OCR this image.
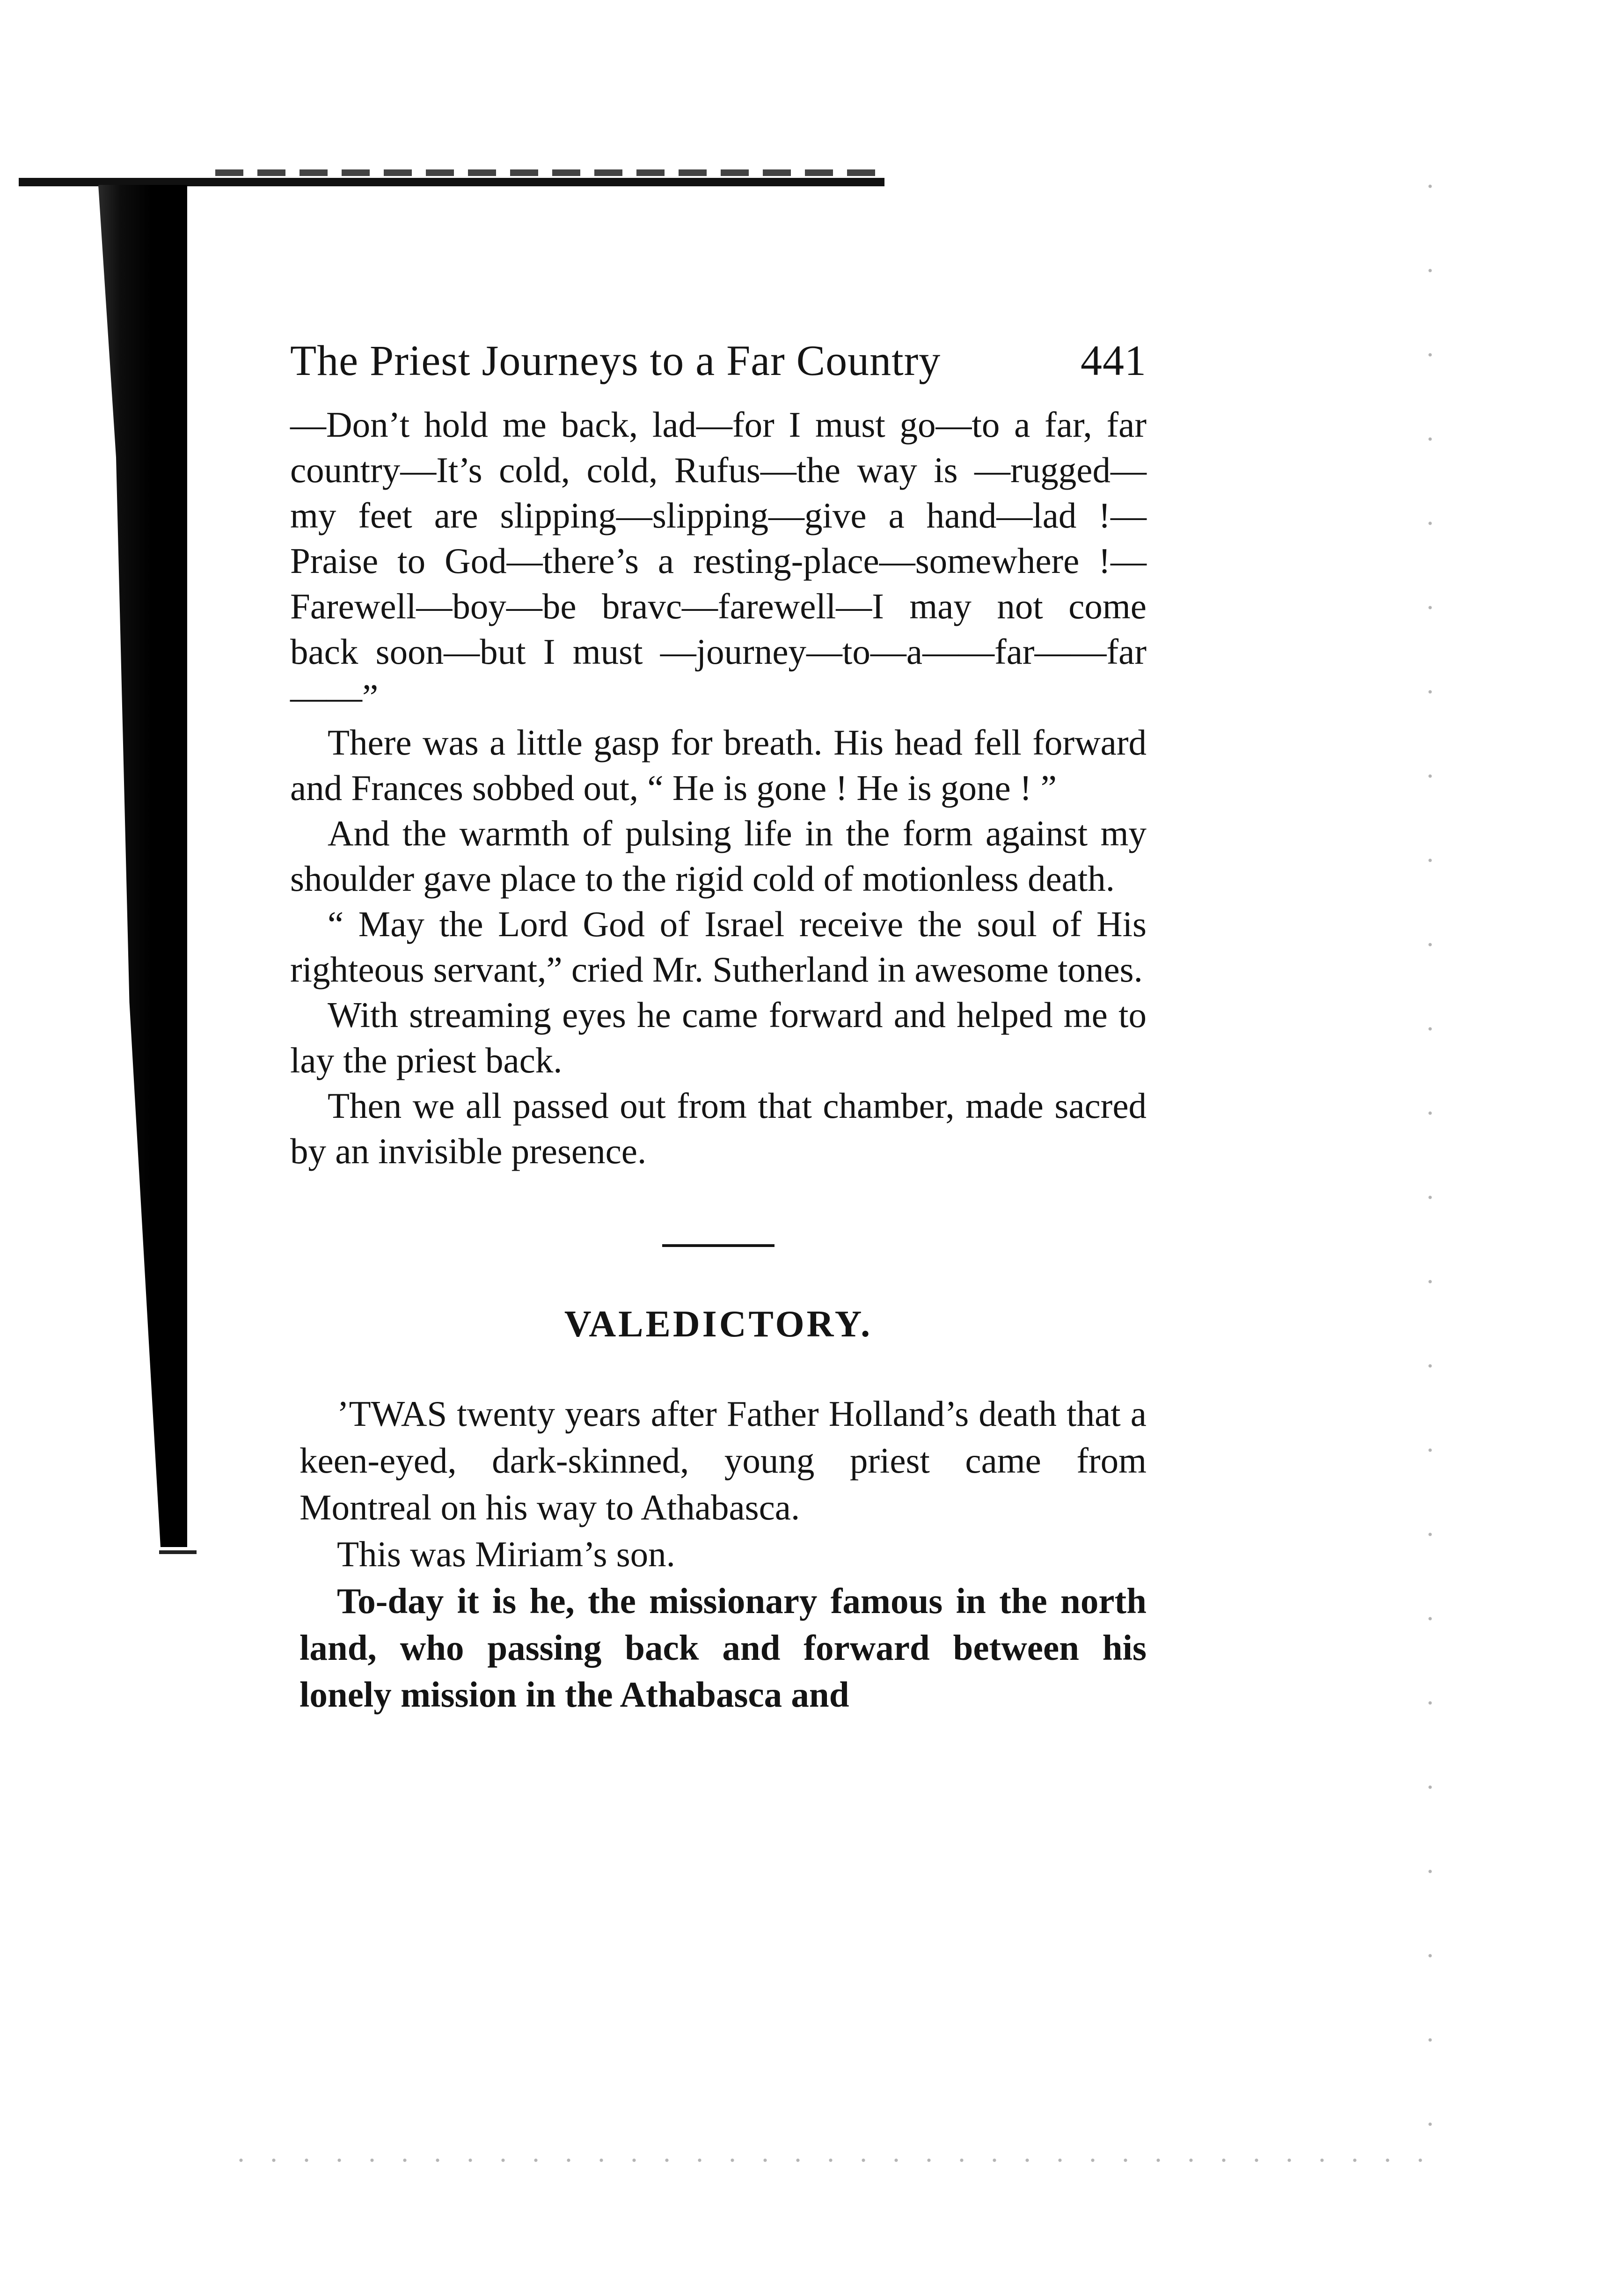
The Priest Journeys to a Far Country	441

—Don’t hold me back, lad—for I must go—to a far, far country—It’s cold, cold, Rufus—the way is —rugged—my feet are slipping—slipping—give a hand—lad !—Praise to God—there’s a resting-place—somewhere !—Farewell—boy—be bravc—farewell—I may not come back soon—but I must —journey—to—a——far——far——”

There was a little gasp for breath. His head fell forward and Frances sobbed out, “ He is gone ! He is gone ! ”

And the warmth of pulsing life in the form against my shoulder gave place to the rigid cold of motionless death.

“ May the Lord God of Israel receive the soul of His righteous servant,” cried Mr. Sutherland in awesome tones.

With streaming eyes he came forward and helped me to lay the priest back.

Then we all passed out from that chamber, made sacred by an invisible presence.

VALEDICTORY.

’TWAS twenty years after Father Holland’s death that a keen-eyed, dark-skinned, young priest came from Montreal on his way to Athabasca.

This was Miriam’s son.

To-day it is he, the missionary famous in the north land, who passing back and forward between his lonely mission in the Athabasca and
